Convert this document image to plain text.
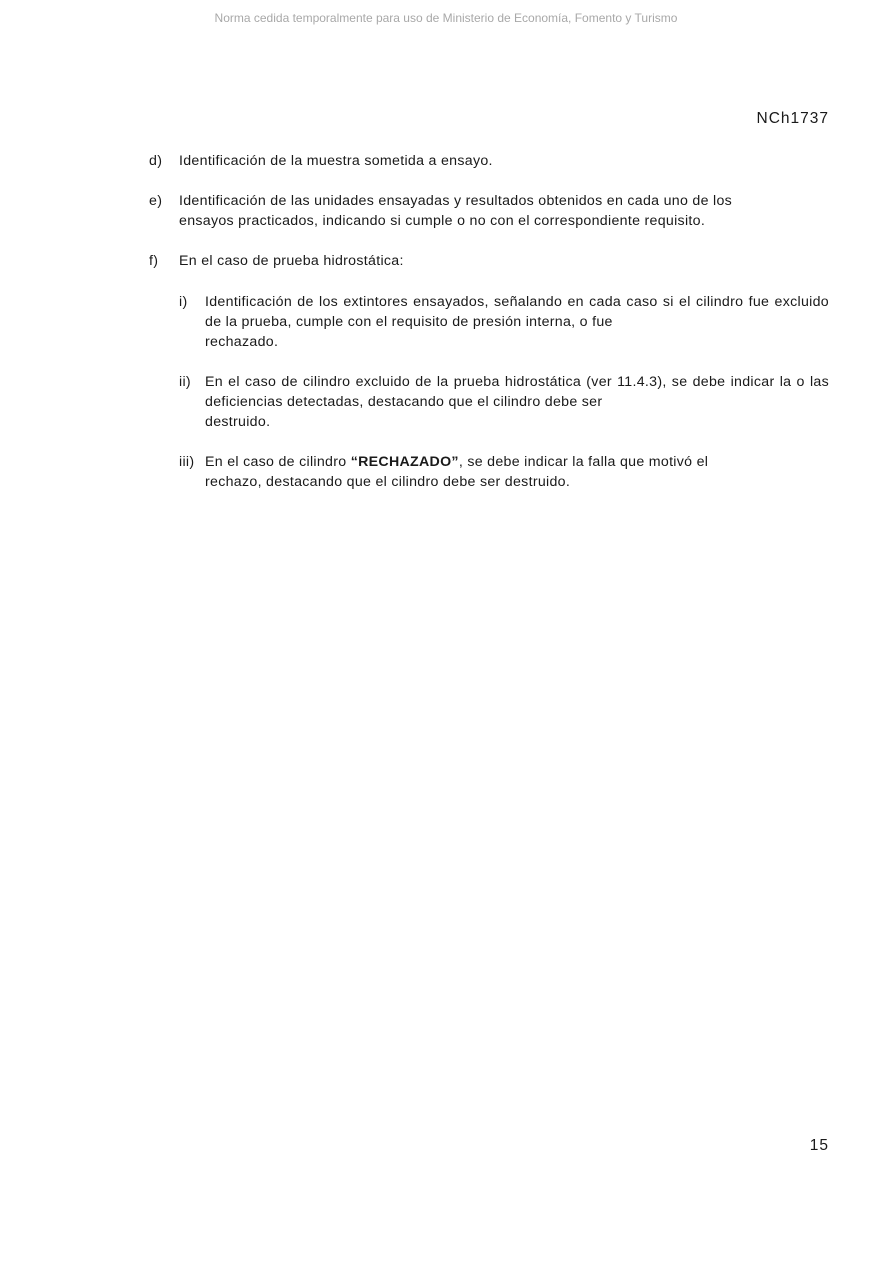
Norma cedida temporalmente para uso de Ministerio de Economía, Fomento y Turismo
NCh1737
d) Identificación de la muestra sometida a ensayo.
e) Identificación de las unidades ensayadas y resultados obtenidos en cada uno de los
ensayos practicados, indicando si cumple o no con el correspondiente requisito.
f) En el caso de prueba hidrostática:
i) Identificación de los extintores ensayados, señalando en cada caso si el cilindro fue excluido de la prueba, cumple con el requisito de presión interna, o fue
rechazado.
ii) En el caso de cilindro excluido de la prueba hidrostática (ver 11.4.3), se debe indicar la o las deficiencias detectadas, destacando que el cilindro debe ser
destruido.
iii) En el caso de cilindro “RECHAZADO”, se debe indicar la falla que motivó el
rechazo, destacando que el cilindro debe ser destruido.
15
